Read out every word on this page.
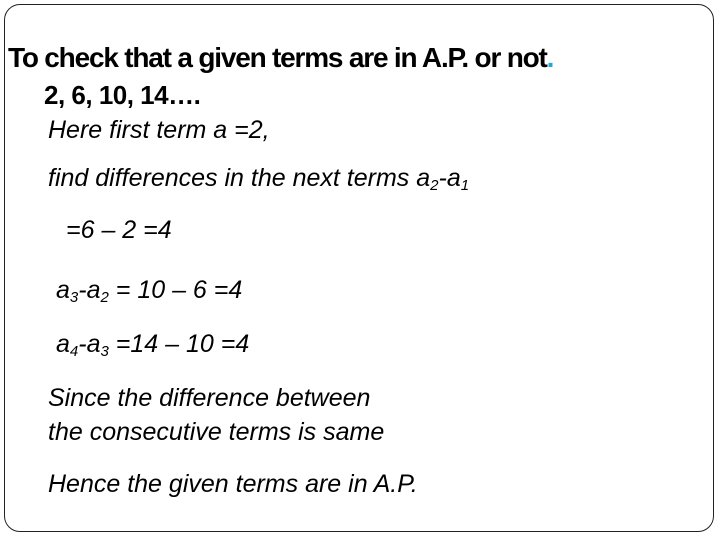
To check that a given terms are in A.P. or not.
2, 6, 10, 14….
Here first term a =2,
find differences in the next terms $a_2-a_1$
=6 – 2 =4
$a_3-a_2 = 10 - 6 =4$
$a_4-a_3 =14 - 10 =4$
Since the difference between
the consecutive terms is same
Hence the given terms are in A.P.
